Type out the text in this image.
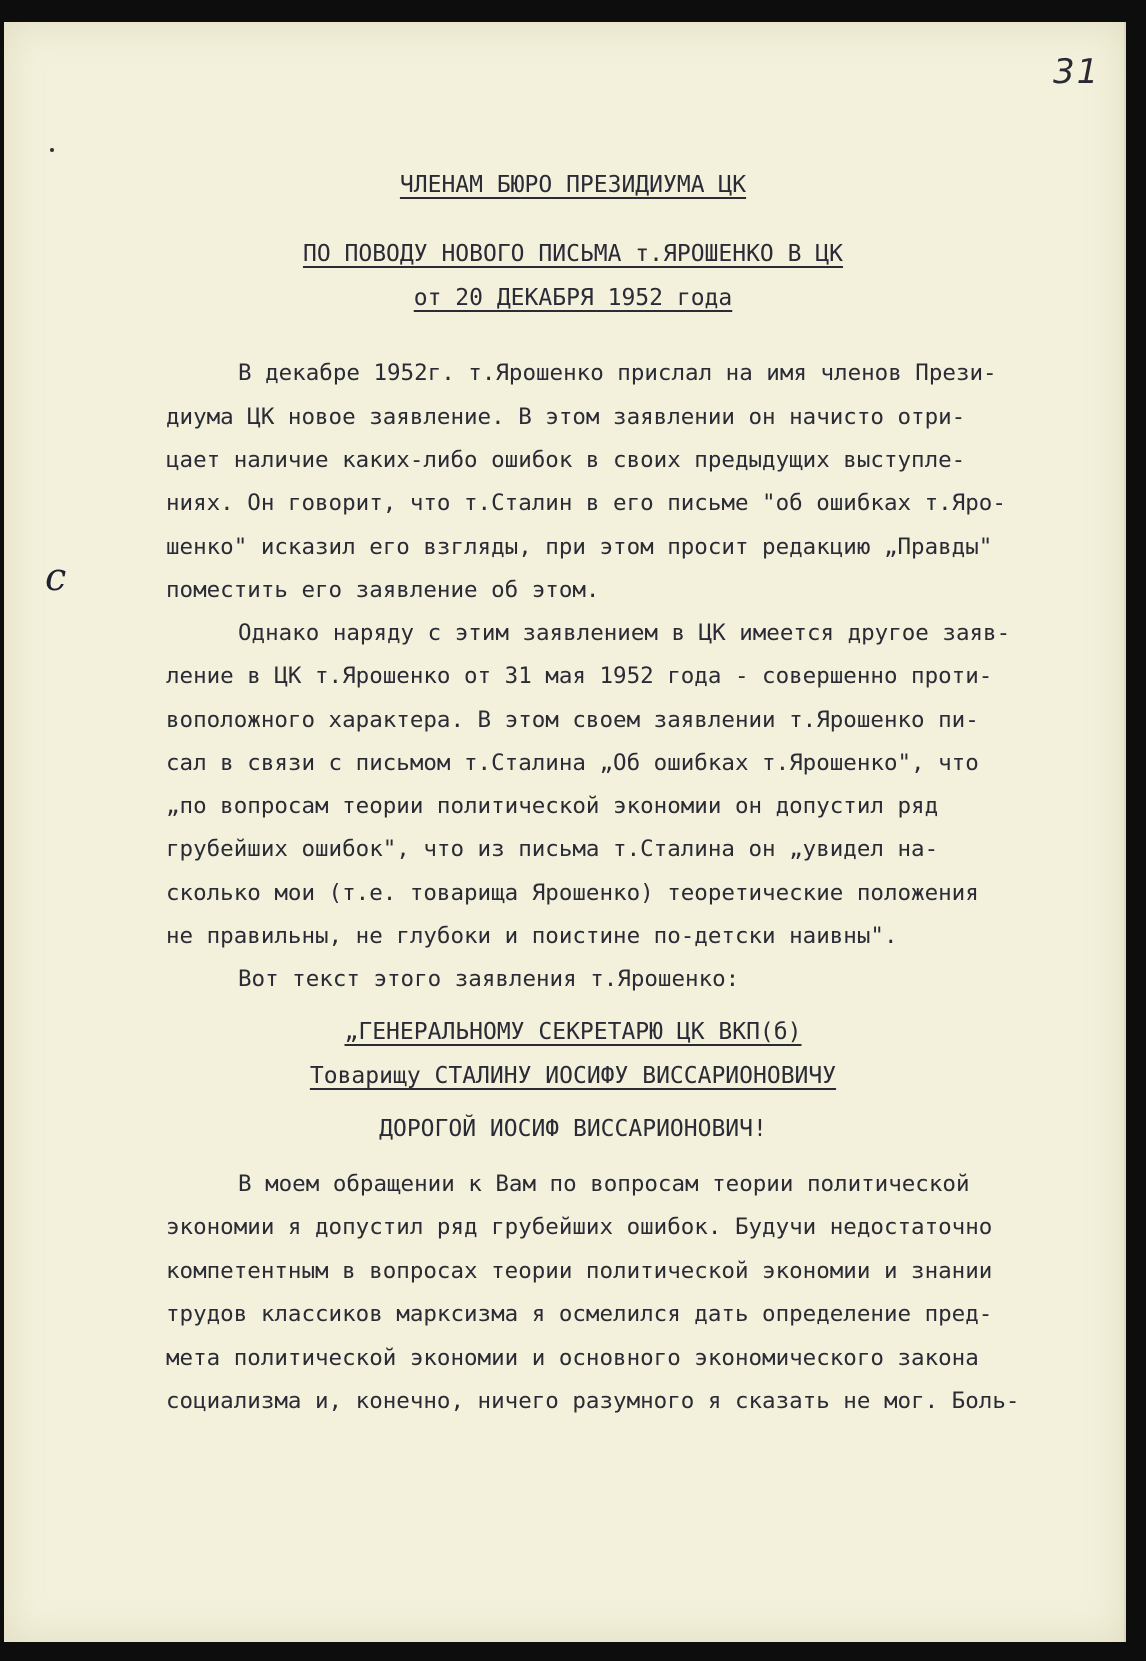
31
с
ЧЛЕНАМ БЮРО ПРЕЗИДИУМА ЦК
ПО ПОВОДУ НОВОГО ПИСЬМА т.ЯРОШЕНКО В ЦК
от 20 ДЕКАБРЯ 1952 года
В декабре 1952г. т.Ярошенко прислал на имя членов Прези-
диума ЦК новое заявление. В этом заявлении он начисто отри-
цает наличие каких-либо ошибок в своих предыдущих выступле-
ниях. Он говорит, что т.Сталин в его письме "об ошибках т.Яро-
шенко" исказил его взгляды, при этом просит редакцию „Правды"
поместить его заявление об этом.
Однако наряду с этим заявлением в ЦК имеется другое заяв-
ление в ЦК т.Ярошенко от 31 мая 1952 года - совершенно проти-
воположного характера. В этом своем заявлении т.Ярошенко пи-
сал в связи с письмом т.Сталина „Об ошибках т.Ярошенко", что
„по вопросам теории политической экономии он допустил ряд
грубейших ошибок", что из письма т.Сталина он „увидел на-
сколько мои (т.е. товарища Ярошенко) теоретические положения
не правильны, не глубоки и поистине по-детски наивны".
Вот текст этого заявления т.Ярошенко:
„ГЕНЕРАЛЬНОМУ СЕКРЕТАРЮ ЦК ВКП(б)
Товарищу СТАЛИНУ ИОСИФУ ВИССАРИОНОВИЧУ
ДОРОГОЙ ИОСИФ ВИССАРИОНОВИЧ!
В моем обращении к Вам по вопросам теории политической
экономии я допустил ряд грубейших ошибок. Будучи недостаточно
компетентным в вопросах теории политической экономии и знании
трудов классиков марксизма я осмелился дать определение пред-
мета политической экономии и основного экономического закона
социализма и, конечно, ничего разумного я сказать не мог. Боль-
